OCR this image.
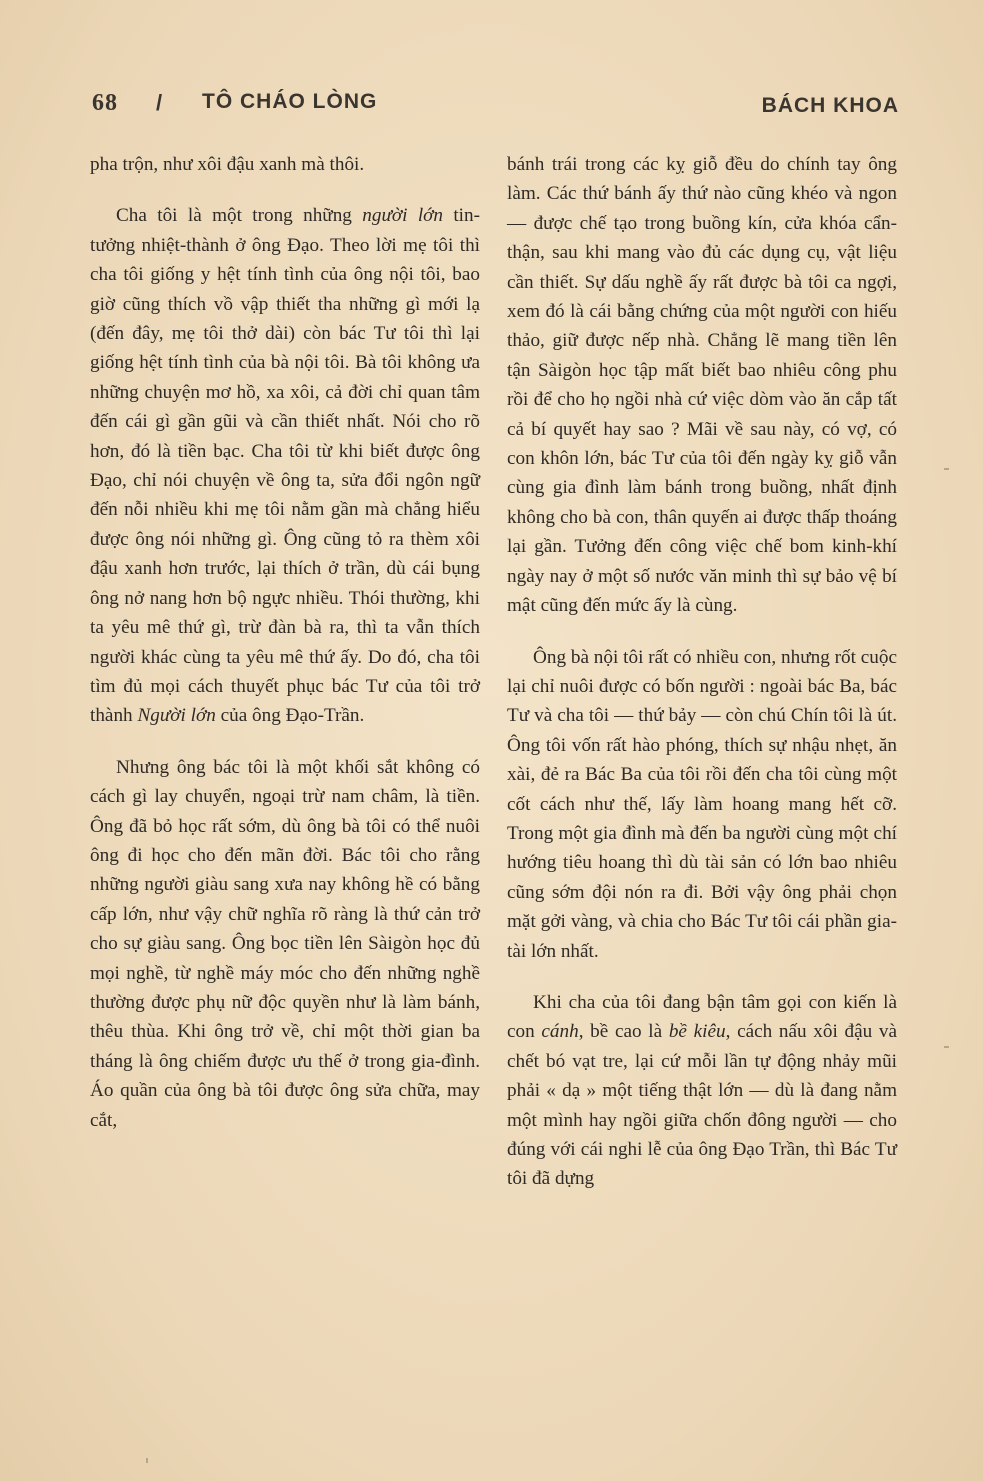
68 / TÔ CHÁO LÒNG	BÁCH KHOA

pha trộn, như xôi đậu xanh mà thôi.

Cha tôi là một trong những người lớn tin-tưởng nhiệt-thành ở ông Đạo. Theo lời mẹ tôi thì cha tôi giống y hệt tính tình của ông nội tôi, bao giờ cũng thích vồ vập thiết tha những gì mới lạ (đến đây, mẹ tôi thở dài) còn bác Tư tôi thì lại giống hệt tính tình của bà nội tôi. Bà tôi không ưa những chuyện mơ hồ, xa xôi, cả đời chỉ quan tâm đến cái gì gần gũi và cần thiết nhất. Nói cho rõ hơn, đó là tiền bạc. Cha tôi từ khi biết được ông Đạo, chỉ nói chuyện về ông ta, sửa đổi ngôn ngữ đến nỗi nhiều khi mẹ tôi nằm gần mà chẳng hiểu được ông nói những gì. Ông cũng tỏ ra thèm xôi đậu xanh hơn trước, lại thích ở trần, dù cái bụng ông nở nang hơn bộ ngực nhiều. Thói thường, khi ta yêu mê thứ gì, trừ đàn bà ra, thì ta vẫn thích người khác cùng ta yêu mê thứ ấy. Do đó, cha tôi tìm đủ mọi cách thuyết phục bác Tư của tôi trở thành Người lớn của ông Đạo-Trần.

Nhưng ông bác tôi là một khối sắt không có cách gì lay chuyển, ngoại trừ nam châm, là tiền. Ông đã bỏ học rất sớm, dù ông bà tôi có thể nuôi ông đi học cho đến mãn đời. Bác tôi cho rằng những người giàu sang xưa nay không hề có bằng cấp lớn, như vậy chữ nghĩa rõ ràng là thứ cản trở cho sự giàu sang. Ông bọc tiền lên Sàigòn học đủ mọi nghề, từ nghề máy móc cho đến những nghề thường được phụ nữ độc quyền như là làm bánh, thêu thùa. Khi ông trở về, chỉ một thời gian ba tháng là ông chiếm được ưu thế ở trong gia-đình. Áo quần của ông bà tôi được ông sửa chữa, may cắt,

bánh trái trong các kỵ giỗ đều do chính tay ông làm. Các thứ bánh ấy thứ nào cũng khéo và ngon — được chế tạo trong buồng kín, cửa khóa cẩn-thận, sau khi mang vào đủ các dụng cụ, vật liệu cần thiết. Sự dấu nghề ấy rất được bà tôi ca ngợi, xem đó là cái bằng chứng của một người con hiếu thảo, giữ được nếp nhà. Chẳng lẽ mang tiền lên tận Sàigòn học tập mất biết bao nhiêu công phu rồi để cho họ ngồi nhà cứ việc dòm vào ăn cắp tất cả bí quyết hay sao ? Mãi về sau này, có vợ, có con khôn lớn, bác Tư của tôi đến ngày kỵ giỗ vẫn cùng gia đình làm bánh trong buồng, nhất định không cho bà con, thân quyến ai được thấp thoáng lại gần. Tưởng đến công việc chế bom kinh-khí ngày nay ở một số nước văn minh thì sự bảo vệ bí mật cũng đến mức ấy là cùng.

Ông bà nội tôi rất có nhiều con, nhưng rốt cuộc lại chỉ nuôi được có bốn người : ngoài bác Ba, bác Tư và cha tôi — thứ bảy — còn chú Chín tôi là út. Ông tôi vốn rất hào phóng, thích sự nhậu nhẹt, ăn xài, đẻ ra Bác Ba của tôi rồi đến cha tôi cùng một cốt cách như thế, lấy làm hoang mang hết cỡ. Trong một gia đình mà đến ba người cùng một chí hướng tiêu hoang thì dù tài sản có lớn bao nhiêu cũng sớm đội nón ra đi. Bởi vậy ông phải chọn mặt gởi vàng, và chia cho Bác Tư tôi cái phần gia-tài lớn nhất.

Khi cha của tôi đang bận tâm gọi con kiến là con cánh, bề cao là bề kiêu, cách nấu xôi đậu và chết bó vạt tre, lại cứ mỗi lần tự động nhảy mũi phải « dạ » một tiếng thật lớn — dù là đang nằm một mình hay ngồi giữa chốn đông người — cho đúng với cái nghi lễ của ông Đạo Trần, thì Bác Tư tôi đã dựng
